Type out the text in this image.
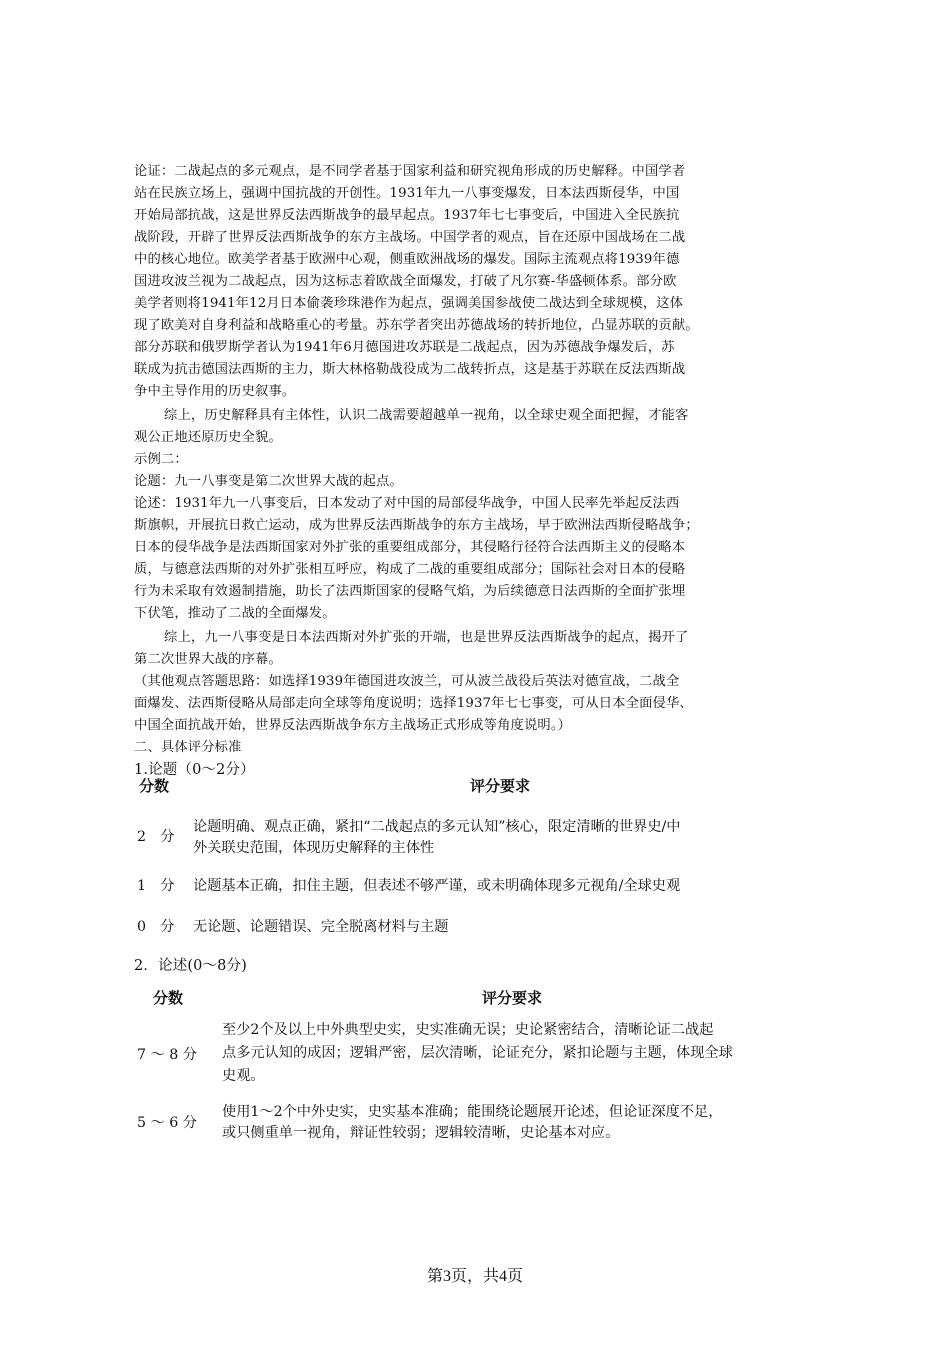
论证：二战起点的多元观点，是不同学者基于国家利益和研究视角形成的历史解释。中国学者
站在民族立场上，强调中国抗战的开创性。1931年九一八事变爆发，日本法西斯侵华，中国
开始局部抗战，这是世界反法西斯战争的最早起点。1937年七七事变后，中国进入全民族抗
战阶段，开辟了世界反法西斯战争的东方主战场。中国学者的观点，旨在还原中国战场在二战
中的核心地位。欧美学者基于欧洲中心观，侧重欧洲战场的爆发。国际主流观点将1939年德
国进攻波兰视为二战起点，因为这标志着欧战全面爆发，打破了凡尔赛-华盛顿体系。部分欧
美学者则将1941年12月日本偷袭珍珠港作为起点，强调美国参战使二战达到全球规模，这体
现了欧美对自身利益和战略重心的考量。苏东学者突出苏德战场的转折地位，凸显苏联的贡献。
部分苏联和俄罗斯学者认为1941年6月德国进攻苏联是二战起点，因为苏德战争爆发后，苏
联成为抗击德国法西斯的主力，斯大林格勒战役成为二战转折点，这是基于苏联在反法西斯战
争中主导作用的历史叙事。
综上，历史解释具有主体性，认识二战需要超越单一视角，以全球史观全面把握，才能客
观公正地还原历史全貌。
示例二：
论题：九一八事变是第二次世界大战的起点。
论述：1931年九一八事变后，日本发动了对中国的局部侵华战争，中国人民率先举起反法西
斯旗帜，开展抗日救亡运动，成为世界反法西斯战争的东方主战场，早于欧洲法西斯侵略战争；
日本的侵华战争是法西斯国家对外扩张的重要组成部分，其侵略行径符合法西斯主义的侵略本
质，与德意法西斯的对外扩张相互呼应，构成了二战的重要组成部分；国际社会对日本的侵略
行为未采取有效遏制措施，助长了法西斯国家的侵略气焰，为后续德意日法西斯的全面扩张埋
下伏笔，推动了二战的全面爆发。
综上，九一八事变是日本法西斯对外扩张的开端，也是世界反法西斯战争的起点，揭开了
第二次世界大战的序幕。
（其他观点答题思路：如选择1939年德国进攻波兰，可从波兰战役后英法对德宣战，二战全
面爆发、法西斯侵略从局部走向全球等角度说明；选择1937年七七事变，可从日本全面侵华、
中国全面抗战开始，世界反法西斯战争东方主战场正式形成等角度说明。）
二、具体评分标准
1.论题（0～2分）
分数	评分要求
2　分
论题明确、观点正确，紧扣“二战起点的多元认知”核心，限定清晰的世界史/中
外关联史范围，体现历史解释的主体性
1　分 论题基本正确，扣住主题，但表述不够严谨，或未明确体现多元视角/全球史观
0　分 无论题、论题错误、完全脱离材料与主题
2．论述(0～8分)
分数	评分要求
7 ～ 8 分
至少2个及以上中外典型史实，史实准确无误；史论紧密结合，清晰论证二战起
点多元认知的成因；逻辑严密，层次清晰，论证充分，紧扣论题与主题，体现全球
史观。
5 ～ 6 分
使用1～2个中外史实，史实基本准确；能围绕论题展开论述，但论证深度不足，
或只侧重单一视角，辩证性较弱；逻辑较清晰，史论基本对应。
第3页，共4页
